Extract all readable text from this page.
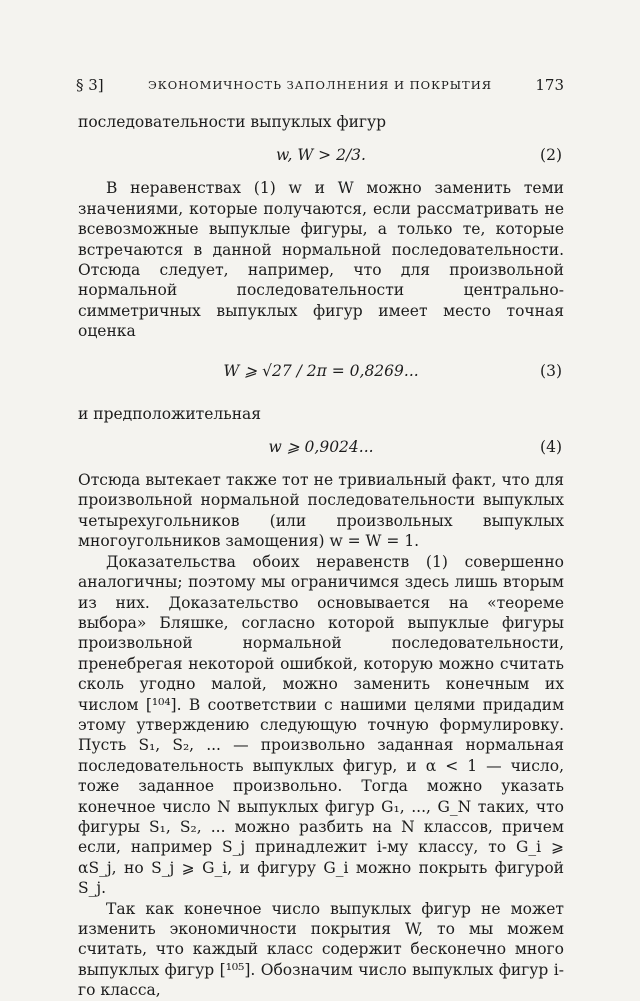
§ 3]	ЭКОНОМИЧНОСТЬ ЗАПОЛНЕНИЯ И ПОКРЫТИЯ	173

последовательности выпуклых фигур

w, W > 2/3.	(2)

В неравенствах (1) w и W можно заменить теми значениями, которые получаются, если рассматривать не всевозможные выпуклые фигуры, а только те, которые встречаются в данной нормальной последовательности. Отсюда следует, например, что для произвольной нормальной последовательности центрально-симметричных выпуклых фигур имеет место точная оценка

W ⩾ √27 / 2π = 0,8269...	(3)

и предположительная

w ⩾ 0,9024...	(4)

Отсюда вытекает также тот не тривиальный факт, что для произвольной нормальной последовательности выпуклых четырехугольников (или произвольных выпуклых многоугольников замощения) w = W = 1.

Доказательства обоих неравенств (1) совершенно аналогичны; поэтому мы ограничимся здесь лишь вторым из них. Доказательство основывается на «теореме выбора» Бляшке, согласно которой выпуклые фигуры произвольной нормальной последовательности, пренебрегая некоторой ошибкой, которую можно считать сколь угодно малой, можно заменить конечным их числом [¹⁰⁴]. В соответствии с нашими целями придадим этому утверждению следующую точную формулировку. Пусть S₁, S₂, ... — произвольно заданная нормальная последовательность выпуклых фигур, и α < 1 — число, тоже заданное произвольно. Тогда можно указать конечное число N выпуклых фигур G₁, ..., G_N таких, что фигуры S₁, S₂, ... можно разбить на N классов, причем если, например S_j принадлежит i-му классу, то G_i ⩾ αS_j, но S_j ⩾ G_i, и фигуру G_i можно покрыть фигурой S_j.

Так как конечное число выпуклых фигур не может изменить экономичности покрытия W, то мы можем считать, что каждый класс содержит бесконечно много выпуклых фигур [¹⁰⁵]. Обозначим число выпуклых фигур i-го класса,
